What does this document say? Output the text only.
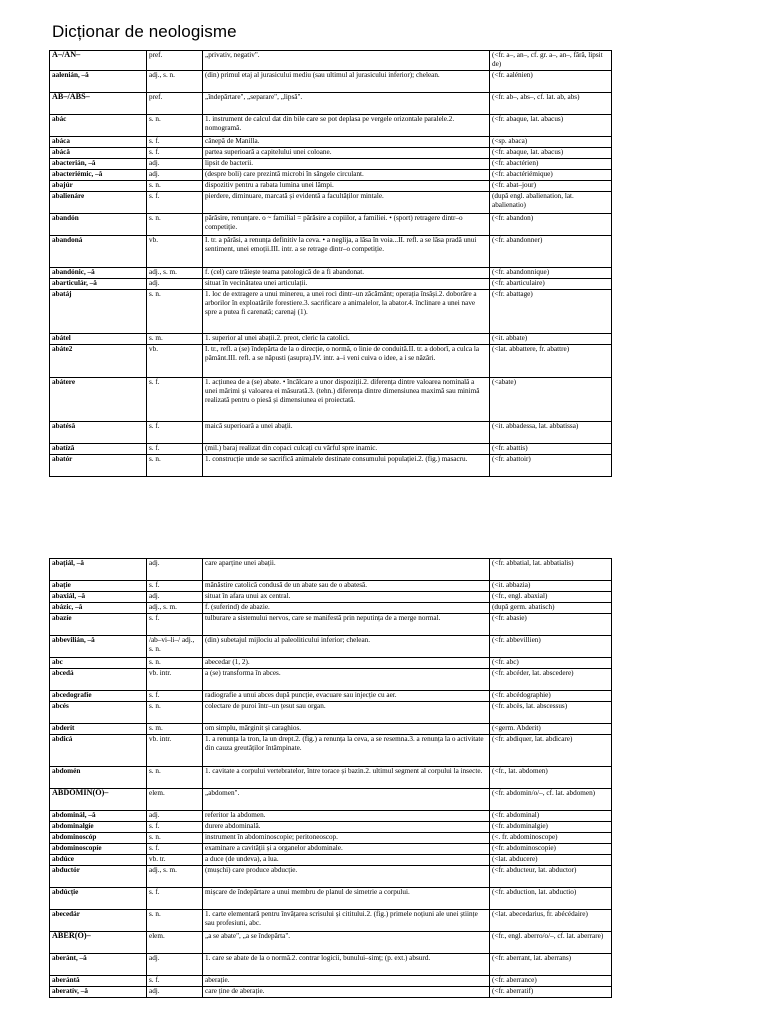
Dicționar de neologisme
A–/AN–	pref.	„privativ, negativ".	(<fr. a–, an–, cf. gr. a–, an–, fără, lipsit de)
aalenián, –ă	adj., s. n.	(din) primul etaj al jurasicului mediu (sau ultimul al jurasicului inferior); chelean.	(<fr. aalénien)
AB–/ABS–	pref.	„îndepărtare", „separare", „lipsă".	(<fr. ab–, abs–, cf. lat. ab, abs)
abác	s. n.	1. instrument de calcul dat din bile care se pot deplasa pe vergele orizontale paralele.2. nomogramă.	(<fr. abaque, lat. abacus)
abáca	s. f.	cânepă de Manilla.	(<sp. abaca)
abácă	s. f.	partea superioară a capitelului unei coloane.	(<fr. abaque, lat. abacus)
abacterián, –ă	adj.	lipsit de bacterii.	(<fr. abactérien)
abacteriémic, –ă	adj.	(despre boli) care prezintă microbi în sângele circulant.	(<fr. abactériémique)
abajúr	s. n.	dispozitiv pentru a rabata lumina unei lămpi.	(<fr. abat–jour)
abalienáre	s. f.	pierdere, diminuare, marcată și evidentă a facultăților mintale.	(după engl. abalienation, lat. abalienatio)
abandón	s. n.	părăsire, renunțare. o ~ familial = părăsire a copiilor, a familiei. • (sport) retragere dintr–o competiție.	(<fr. abandon)
abandoná	vb.	I. tr. a părăsi, a renunța definitiv la ceva. • a neglija, a lăsa în voia...II. refl. a se lăsa pradă unui sentiment, unei emoții.III. intr. a se retrage dintr–o competiție.	(<fr. abandonner)
abandónic, –ă	adj., s. m.	f. (cel) care trăiește teama patologică de a fi abandonat.	(<fr. abandonnique)
abarticulár, –ă	adj.	situat în vecinătatea unei articulații.	(<fr. abarticulaire)
abatáj	s. n.	1. loc de extragere a unui minereu, a unei roci dintr–un zăcământ; operația însăși.2. doborâre a arborilor în exploatările forestiere.3. sacrificare a animalelor, la abator.4. înclinare a unei nave spre a putea fi carenată; carenaj (1).	(<fr. abattage)
abátel	s. m.	1. superior al unei abații.2. preot, cleric la catolici.	(<it. abbate)
abáte2	vb.	I. tr., refl. a (se) îndepărta de la o direcție, o normă, o linie de conduită.II. tr. a doborî, a culca la pământ.III. refl. a se năpusti (asupra).IV. intr. a–i veni cuiva o idee, a i se năzări.	(<lat. abbattere, fr. abattre)
abátere	s. f.	1. acțiunea de a (se) abate. • încălcare a unor dispoziții.2. diferența dintre valoarea nominală a unei mărimi și valoarea ei măsurată.3. (tehn.) diferența dintre dimensiunea maximă sau minimă realizată pentru o piesă și dimensiunea ei proiectată.	(<abate)
abatésă	s. f.	maică superioară a unei abații.	(<it. abbadessa, lat. abbatissa)
abatíză	s. f.	(mil.) baraj realizat din copaci culcați cu vârful spre inamic.	(<fr. abattis)
abatór	s. n.	1. construcție unde se sacrifică animalele destinate consumului populației.2. (fig.) masacru.	(<fr. abattoir)
abațiál, –ă	adj.	care aparține unei abații.	(<fr. abbatial, lat. abbatialis)
abație	s. f.	mănăstire catolică condusă de un abate sau de o abatesă.	(<it. abbazia)
abaxiál, –ă	adj.	situat în afara unui ax central.	(<fr., engl. abaxial)
abázic, –ă	adj., s. m.	f. (suferind) de abazie.	(după germ. abatisch)
abazíe	s. f.	tulburare a sistemului nervos, care se manifestă prin neputința de a merge normal.	(<fr. abasie)
abbevilián, –ă	/ab–vi–li–/ adj., s. n.	(din) subetajul mijlociu al paleoliticului inferior; chelean.	(<fr. abbevillien)
abc	s. n.	abecedar (1, 2).	(<fr. abc)
abcedá	vb. intr.	a (se) transforma în abces.	(<fr. abcéder, lat. abscedere)
abcedografíe	s. f.	radiografie a unui abces după puncție, evacuare sau injecție cu aer.	(<fr. abcédographie)
abcés	s. n.	colectare de puroi într–un țesut sau organ.	(<fr. abcès, lat. abscessus)
abderít	s. m.	om simplu, mărginit și caraghios.	(<germ. Abderit)
abdicá	vb. intr.	1. a renunța la tron, la un drept.2. (fig.) a renunța la ceva, a se resemna.3. a renunța la o activitate din cauza greutăților întâmpinate.	(<fr. abdiquer, lat. abdicare)
abdomén	s. n.	1. cavitate a corpului vertebratelor, între torace și bazin.2. ultimul segment al corpului la insecte.	(<fr., lat. abdomen)
ABDOMIN(O)–	elem.	„abdomen".	(<fr. abdomin/o/–, cf. lat. abdomen)
abdominál, –ă	adj.	referitor la abdomen.	(<fr. abdominal)
abdominalgíe	s. f.	durere abdominală.	(<fr. abdominalgie)
abdominoscóp	s. n.	instrument în abdominoscopie; peritoneoscop.	(<. fr. abdominoscope)
abdominoscopíe	s. f.	examinare a cavității și a organelor abdominale.	(<fr. abdominoscopie)
abdúce	vb. tr.	a duce (de undeva), a lua.	(<lat. abducere)
abductór	adj., s. m.	(mușchi) care produce abducție.	(<fr. abducteur, lat. abductor)
abdúcție	s. f.	mișcare de îndepărtare a unui membru de planul de simetrie a corpului.	(<fr. abduction, lat. abductio)
abecedár	s. n.	1. carte elementară pentru învățarea scrisului și cititului.2. (fig.) primele noțiuni ale unei științe sau profesiuni, abc.	(<lat. abecedarius, fr. abécédaire)
ABER(O)–	elem.	„a se abate", „a se îndepărta".	(<fr., engl. aberro/o/–, cf. lat. aberrare)
aberánt, –ă	adj.	1. care se abate de la o normă.2. contrar logicii, bunului–simț; (p. ext.) absurd.	(<fr. aberrant, lat. aberrans)
aberántă	s. f.	aberație.	(<fr. aberrance)
aberatív, –ă	adj.	care ține de aberație.	(<fr. aberratif)
